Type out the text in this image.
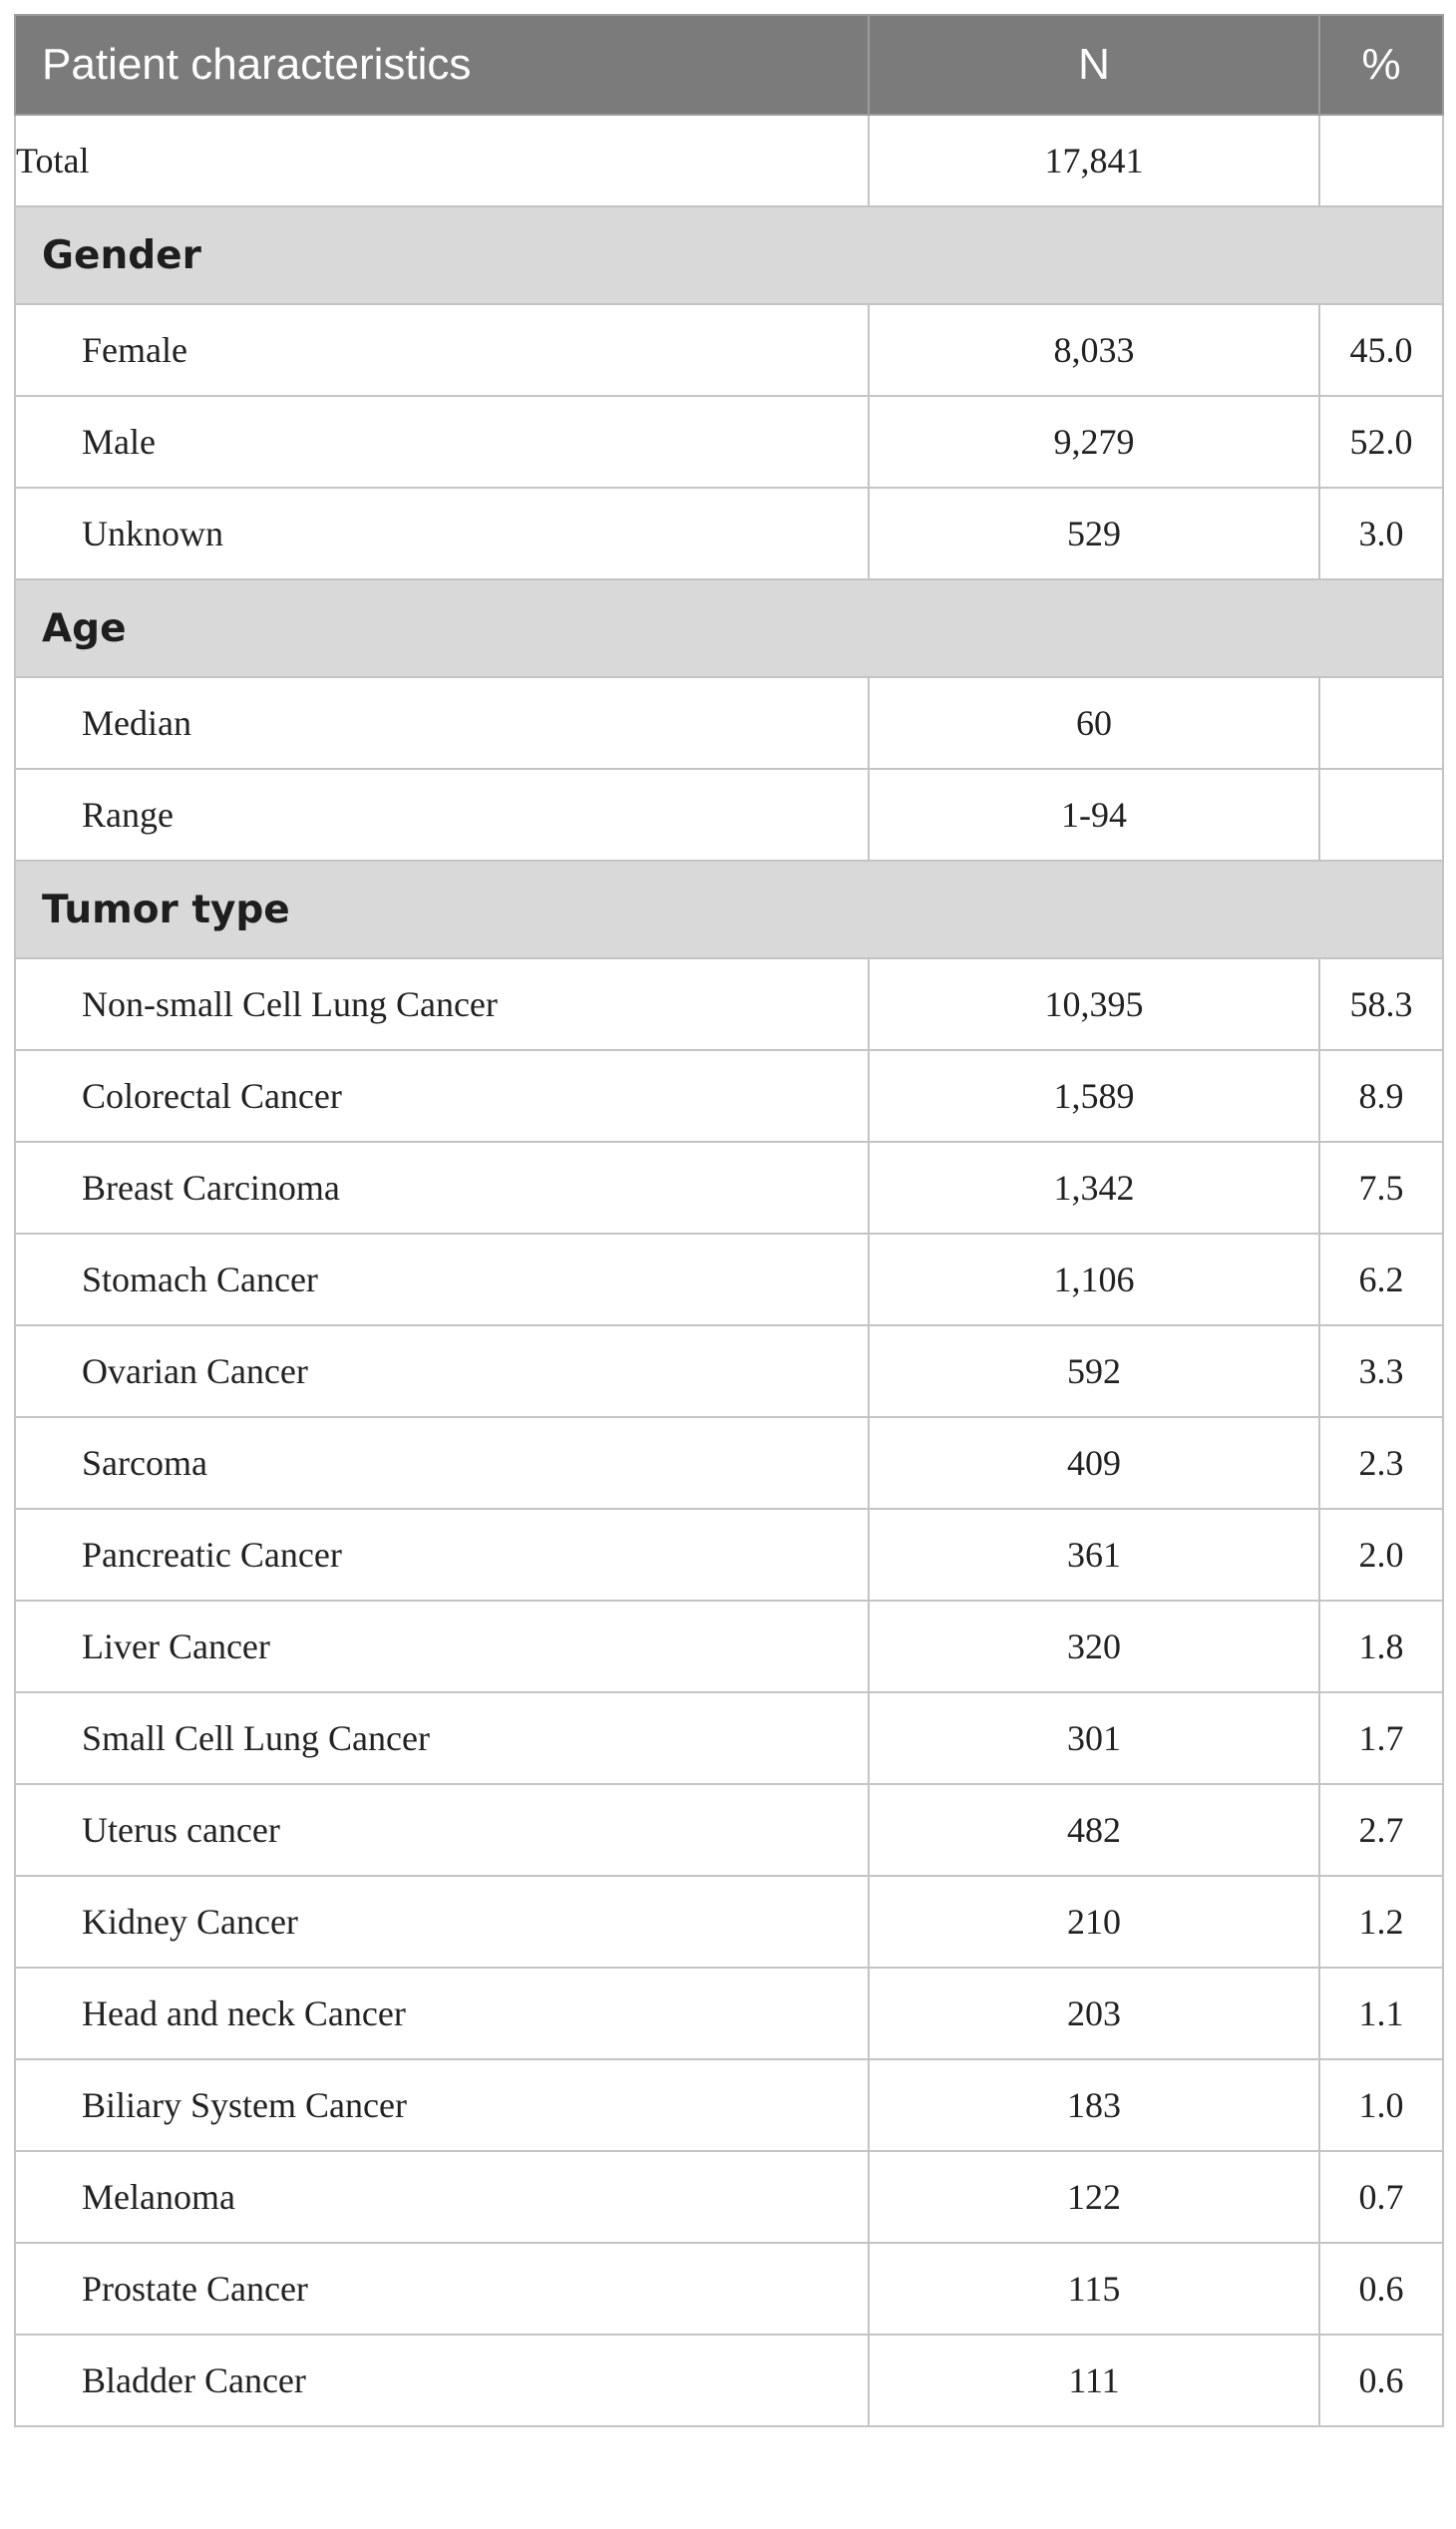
Patient characteristics	N	%
Total	17,841	
Gender		
Female	8,033	45.0
Male	9,279	52.0
Unknown	529	3.0
Age		
Median	60	
Range	1-94	
Tumor type		
Non-small Cell Lung Cancer	10,395	58.3
Colorectal Cancer	1,589	8.9
Breast Carcinoma	1,342	7.5
Stomach Cancer	1,106	6.2
Ovarian Cancer	592	3.3
Sarcoma	409	2.3
Pancreatic Cancer	361	2.0
Liver Cancer	320	1.8
Small Cell Lung Cancer	301	1.7
Uterus cancer	482	2.7
Kidney Cancer	210	1.2
Head and neck Cancer	203	1.1
Biliary System Cancer	183	1.0
Melanoma	122	0.7
Prostate Cancer	115	0.6
Bladder Cancer	111	0.6
